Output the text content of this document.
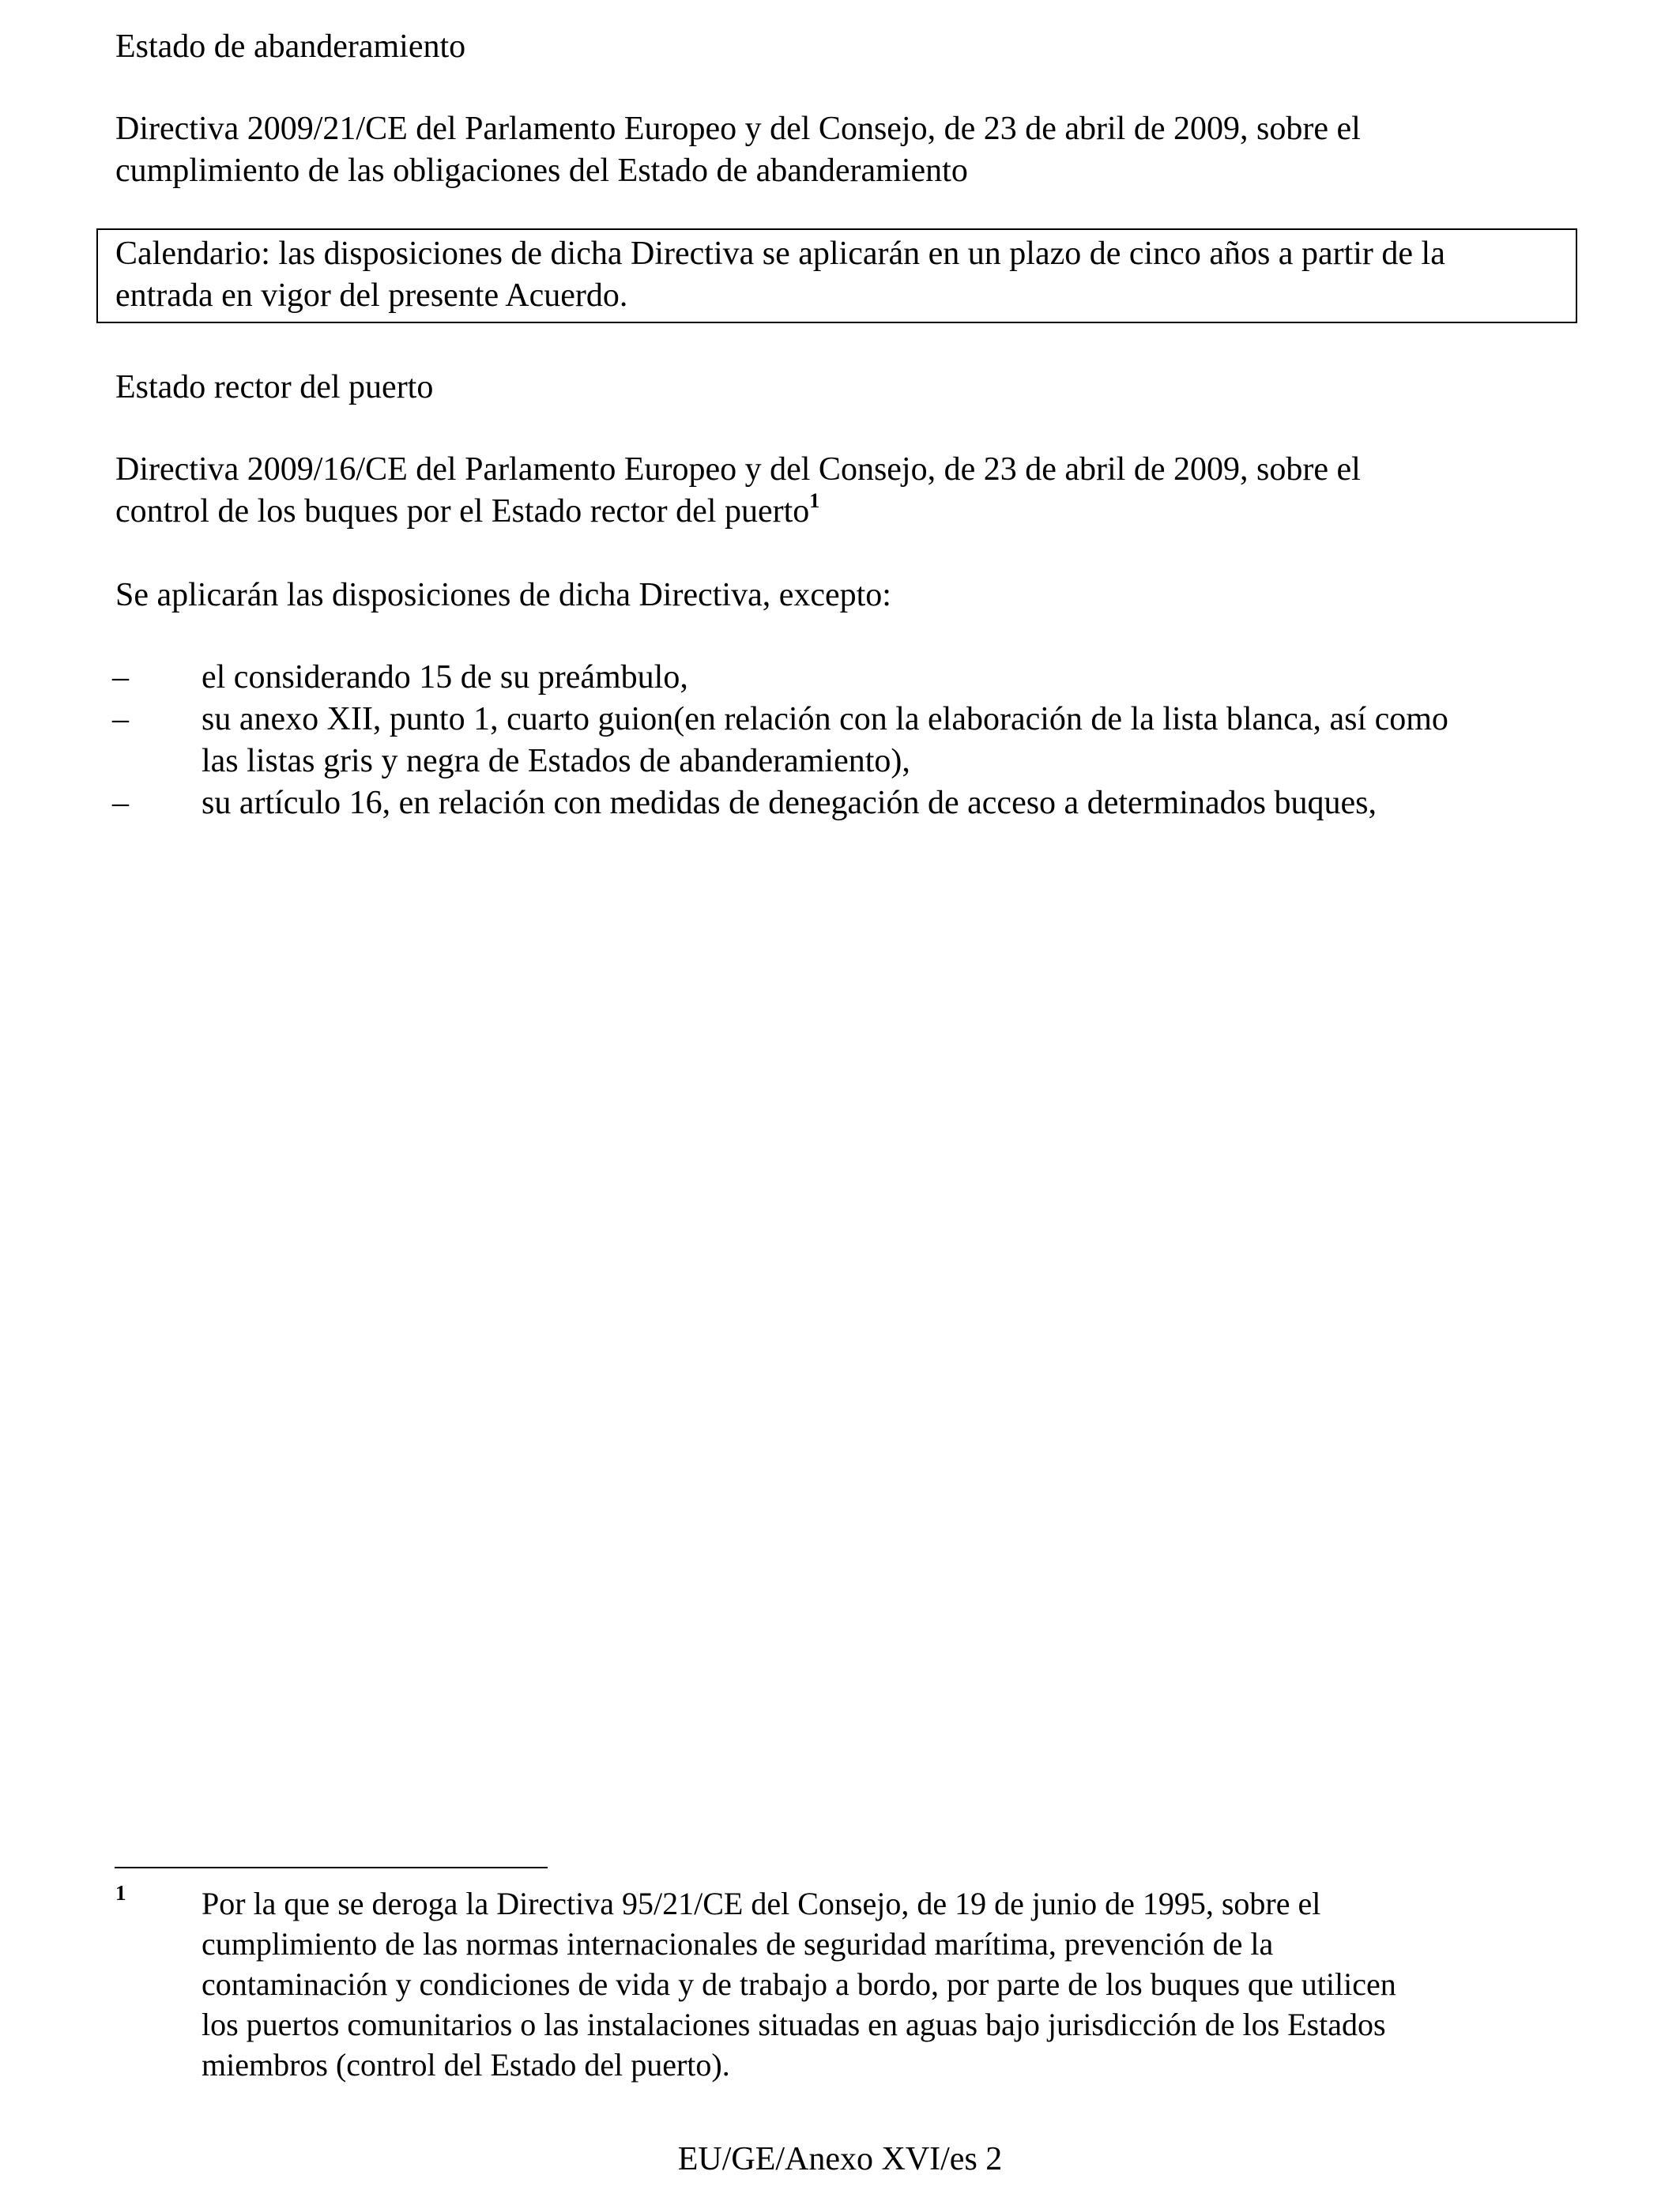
Estado de abanderamiento

Directiva 2009/21/CE del Parlamento Europeo y del Consejo, de 23 de abril de 2009, sobre el

cumplimiento de las obligaciones del Estado de abanderamiento

Calendario: las disposiciones de dicha Directiva se aplicarán en un plazo de cinco años a partir de la

entrada en vigor del presente Acuerdo.

Estado rector del puerto

Directiva 2009/16/CE del Parlamento Europeo y del Consejo, de 23 de abril de 2009, sobre el

control de los buques por el Estado rector del puerto$^1$

Se aplicarán las disposiciones de dicha Directiva, excepto:

– el considerando 15 de su preámbulo,
– su anexo XII, punto 1, cuarto guion(en relación con la elaboración de la lista blanca, así como
las listas gris y negra de Estados de abanderamiento),
– su artículo 16, en relación con medidas de denegación de acceso a determinados buques,
1 Por la que se deroga la Directiva 95/21/CE del Consejo, de 19 de junio de 1995, sobre el
cumplimiento de las normas internacionales de seguridad marítima, prevención de la
contaminación y condiciones de vida y de trabajo a bordo, por parte de los buques que utilicen
los puertos comunitarios o las instalaciones situadas en aguas bajo jurisdicción de los Estados
miembros (control del Estado del puerto).
EU/GE/Anexo XVI/es 2
